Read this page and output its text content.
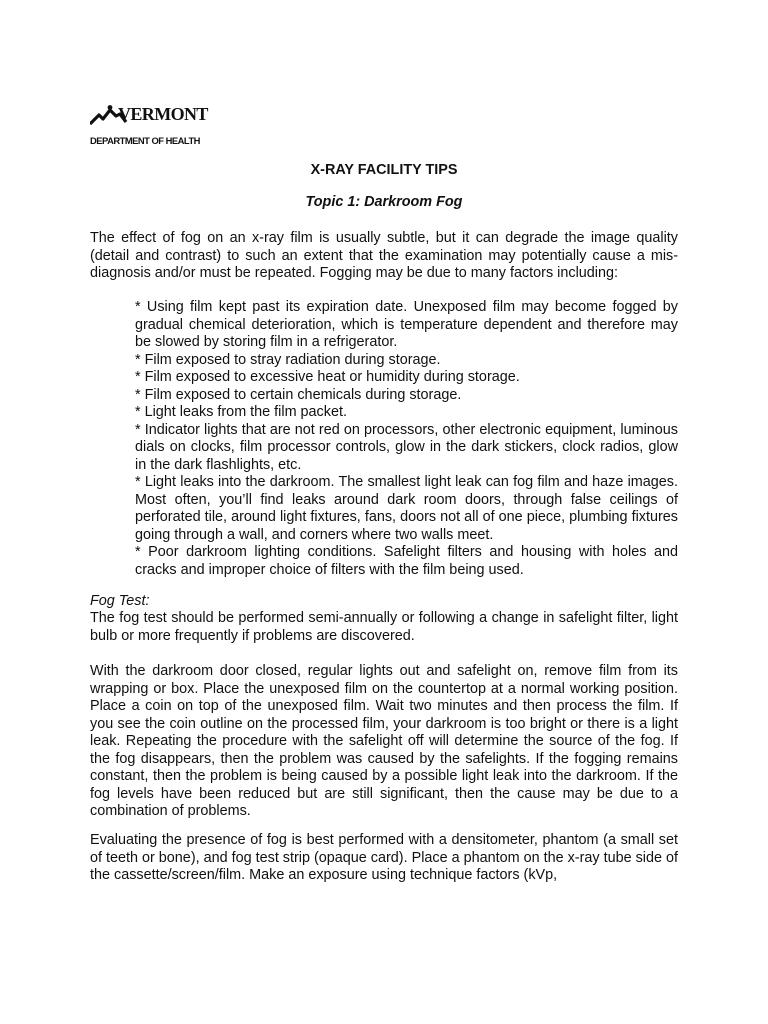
VERMONT
DEPARTMENT OF HEALTH
X-RAY FACILITY TIPS
Topic 1: Darkroom Fog

The effect of fog on an x-ray film is usually subtle, but it can degrade the image quality (detail and contrast) to such an extent that the examination may potentially cause a mis-diagnosis and/or must be repeated. Fogging may be due to many factors including:

* Using film kept past its expiration date. Unexposed film may become fogged by gradual chemical deterioration, which is temperature dependent and therefore may be slowed by storing film in a refrigerator.
* Film exposed to stray radiation during storage.
* Film exposed to excessive heat or humidity during storage.
* Film exposed to certain chemicals during storage.
* Light leaks from the film packet.
* Indicator lights that are not red on processors, other electronic equipment, luminous dials on clocks, film processor controls, glow in the dark stickers, clock radios, glow in the dark flashlights, etc.
* Light leaks into the darkroom. The smallest light leak can fog film and haze images. Most often, you’ll find leaks around dark room doors, through false ceilings of perforated tile, around light fixtures, fans, doors not all of one piece, plumbing fixtures going through a wall, and corners where two walls meet.
* Poor darkroom lighting conditions. Safelight filters and housing with holes and cracks and improper choice of filters with the film being used.

Fog Test:

The fog test should be performed semi-annually or following a change in safelight filter, light bulb or more frequently if problems are discovered.

With the darkroom door closed, regular lights out and safelight on, remove film from its wrapping or box. Place the unexposed film on the countertop at a normal working position. Place a coin on top of the unexposed film. Wait two minutes and then process the film. If you see the coin outline on the processed film, your darkroom is too bright or there is a light leak. Repeating the procedure with the safelight off will determine the source of the fog. If the fog disappears, then the problem was caused by the safelights. If the fogging remains constant, then the problem is being caused by a possible light leak into the darkroom. If the fog levels have been reduced but are still significant, then the cause may be due to a combination of problems.

Evaluating the presence of fog is best performed with a densitometer, phantom (a small set of teeth or bone), and fog test strip (opaque card). Place a phantom on the x-ray tube side of the cassette/screen/film. Make an exposure using technique factors (kVp,
